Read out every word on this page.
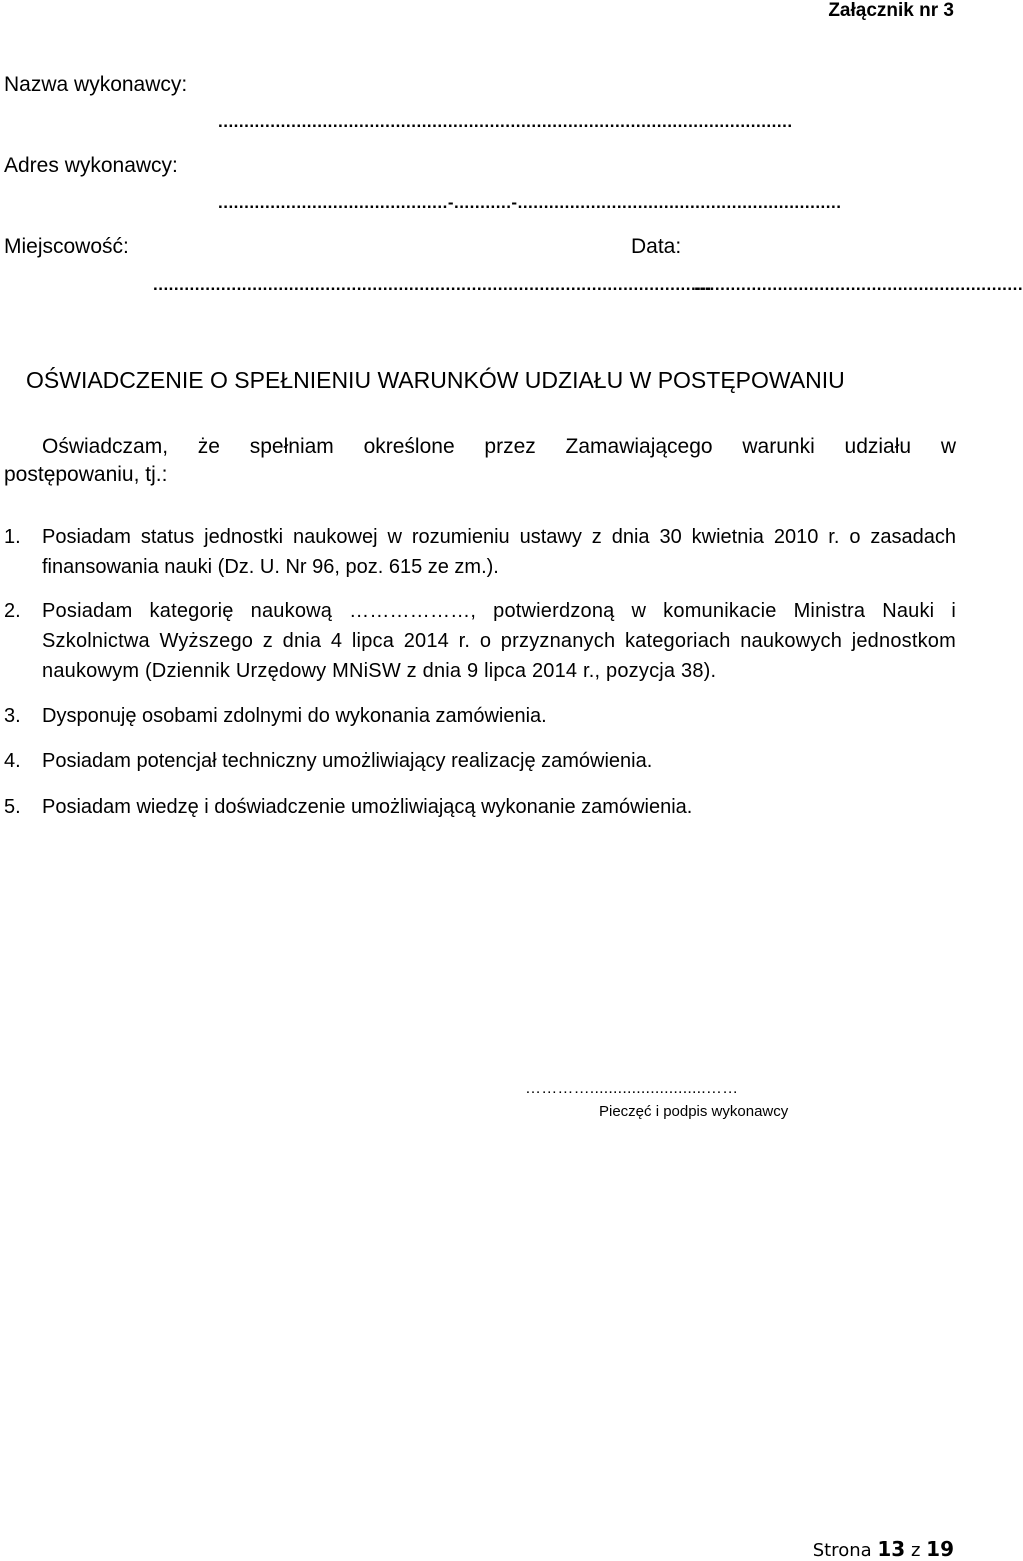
Załącznik nr 3
Nazwa wykonawcy:
..............................................................................................................
Adres wykonawcy:
............................................-...........-..............................................................
Miejscowość:	Data:
...........................................................................................................
...............................................................
OŚWIADCZENIE O SPEŁNIENIU WARUNKÓW UDZIAŁU W POSTĘPOWANIU
Oświadczam, że spełniam określone przez Zamawiającego warunki udziału w
postępowaniu, tj.:
1. Posiadam status jednostki naukowej w rozumieniu ustawy z dnia 30 kwietnia 2010 r. o zasadach finansowania nauki (Dz. U. Nr 96, poz. 615 ze zm.).
2. Posiadam kategorię naukową ………………, potwierdzoną w komunikacie Ministra Nauki i Szkolnictwa Wyższego z dnia 4 lipca 2014 r. o przyznanych kategoriach naukowych jednostkom naukowym (Dziennik Urzędowy MNiSW z dnia 9 lipca 2014 r., pozycja 38).
3. Dysponuję osobami zdolnymi do wykonania zamówienia.
4. Posiadam potencjał techniczny umożliwiający realizację zamówienia.
5. Posiadam wiedzę i doświadczenie umożliwiającą wykonanie zamówienia.
………….........................……
Pieczęć i podpis wykonawcy
Strona 13 z 19
